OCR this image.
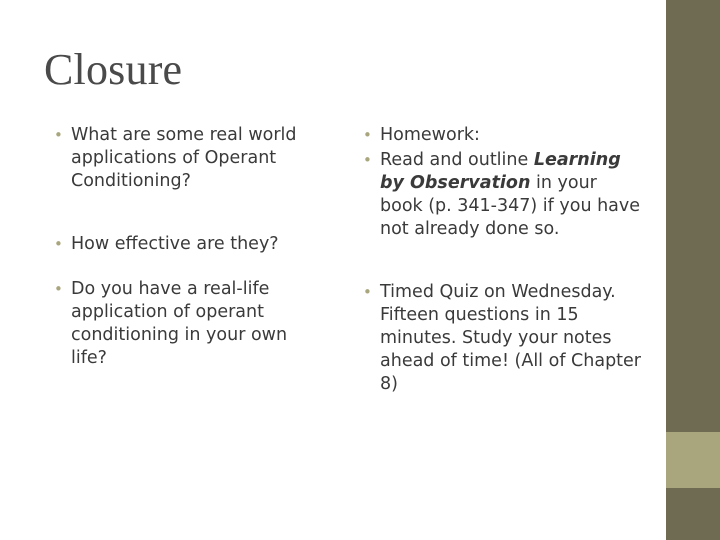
Closure

• What are some real world applications of Operant Conditioning?

• How effective are they?

• Do you have a real-life application of operant conditioning in your own life?

• Homework:

• Read and outline Learning by Observation in your book (p. 341-347) if you have not already done so.

• Timed Quiz on Wednesday. Fifteen questions in 15 minutes. Study your notes ahead of time! (All of Chapter 8)
